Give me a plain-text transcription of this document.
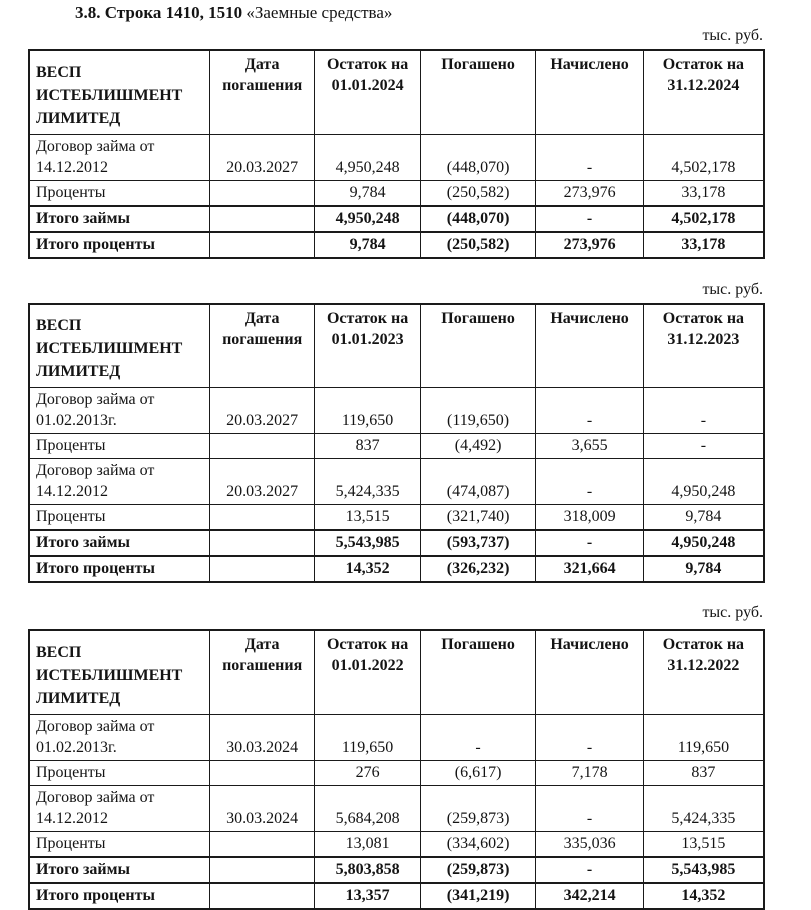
3.8. Строка 1410, 1510 «Заемные средства»
тыс. руб.
ВЕСП ИСТЕБЛИШМЕНТ ЛИМИТЕД	Дата погашения	Остаток на 01.01.2024	Погашено	Начислено	Остаток на 31.12.2024
Договор займа от 14.12.2012	20.03.2027	4,950,248	(448,070)	-	4,502,178
Проценты		9,784	(250,582)	273,976	33,178
Итого займы		4,950,248	(448,070)	-	4,502,178
Итого проценты		9,784	(250,582)	273,976	33,178
тыс. руб.
ВЕСП ИСТЕБЛИШМЕНТ ЛИМИТЕД	Дата погашения	Остаток на 01.01.2023	Погашено	Начислено	Остаток на 31.12.2023
Договор займа от 01.02.2013г.	20.03.2027	119,650	(119,650)	-	-
Проценты		837	(4,492)	3,655	-
Договор займа от 14.12.2012	20.03.2027	5,424,335	(474,087)	-	4,950,248
Проценты		13,515	(321,740)	318,009	9,784
Итого займы		5,543,985	(593,737)	-	4,950,248
Итого проценты		14,352	(326,232)	321,664	9,784
тыс. руб.
ВЕСП ИСТЕБЛИШМЕНТ ЛИМИТЕД	Дата погашения	Остаток на 01.01.2022	Погашено	Начислено	Остаток на 31.12.2022
Договор займа от 01.02.2013г.	30.03.2024	119,650	-	-	119,650
Проценты		276	(6,617)	7,178	837
Договор займа от 14.12.2012	30.03.2024	5,684,208	(259,873)	-	5,424,335
Проценты		13,081	(334,602)	335,036	13,515
Итого займы		5,803,858	(259,873)	-	5,543,985
Итого проценты		13,357	(341,219)	342,214	14,352
